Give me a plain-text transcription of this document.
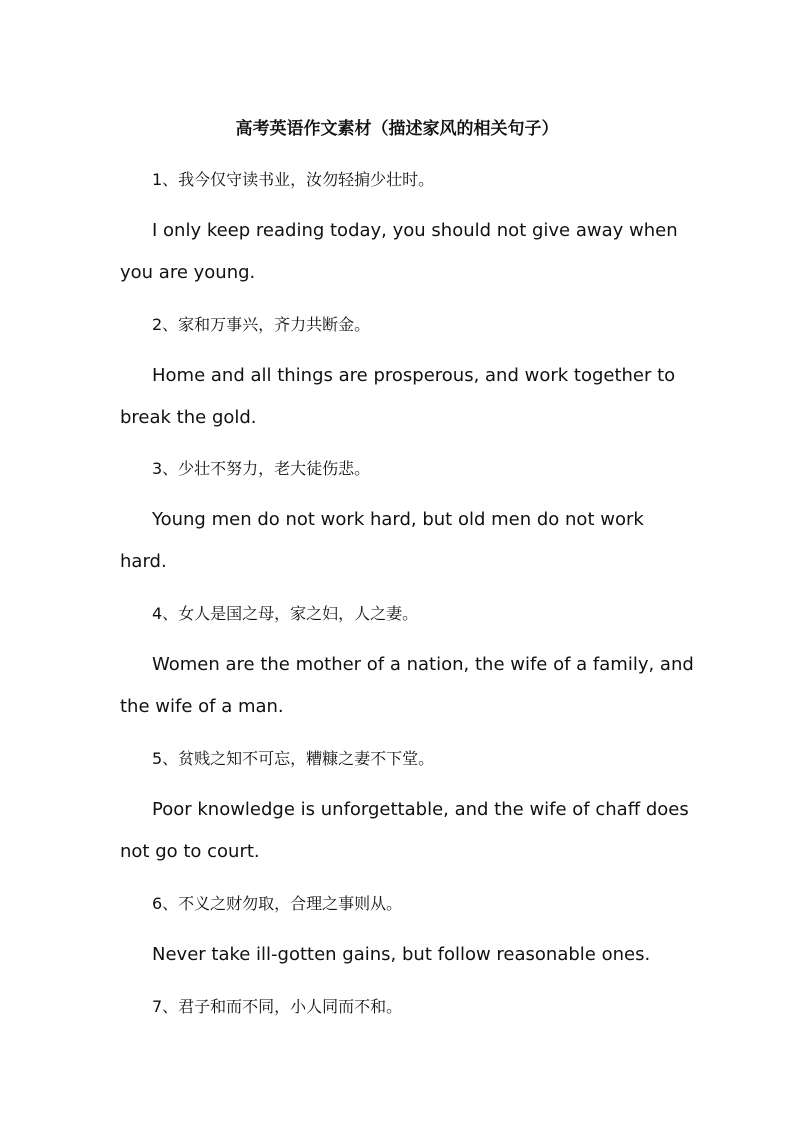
高考英语作文素材（描述家风的相关句子）
1、我今仅守读书业，汝勿轻掮少壮时。
I only keep reading today, you should not give away when
you are young.
2、家和万事兴，齐力共断金。
Home and all things are prosperous, and work together to
break the gold.
3、少壮不努力，老大徒伤悲。
Young men do not work hard, but old men do not work
hard.
4、女人是国之母，家之妇，人之妻。
Women are the mother of a nation, the wife of a family, and
the wife of a man.
5、贫贱之知不可忘，糟糠之妻不下堂。
Poor knowledge is unforgettable, and the wife of chaff does
not go to court.
6、不义之财勿取，合理之事则从。
Never take ill-gotten gains, but follow reasonable ones.
7、君子和而不同，小人同而不和。
